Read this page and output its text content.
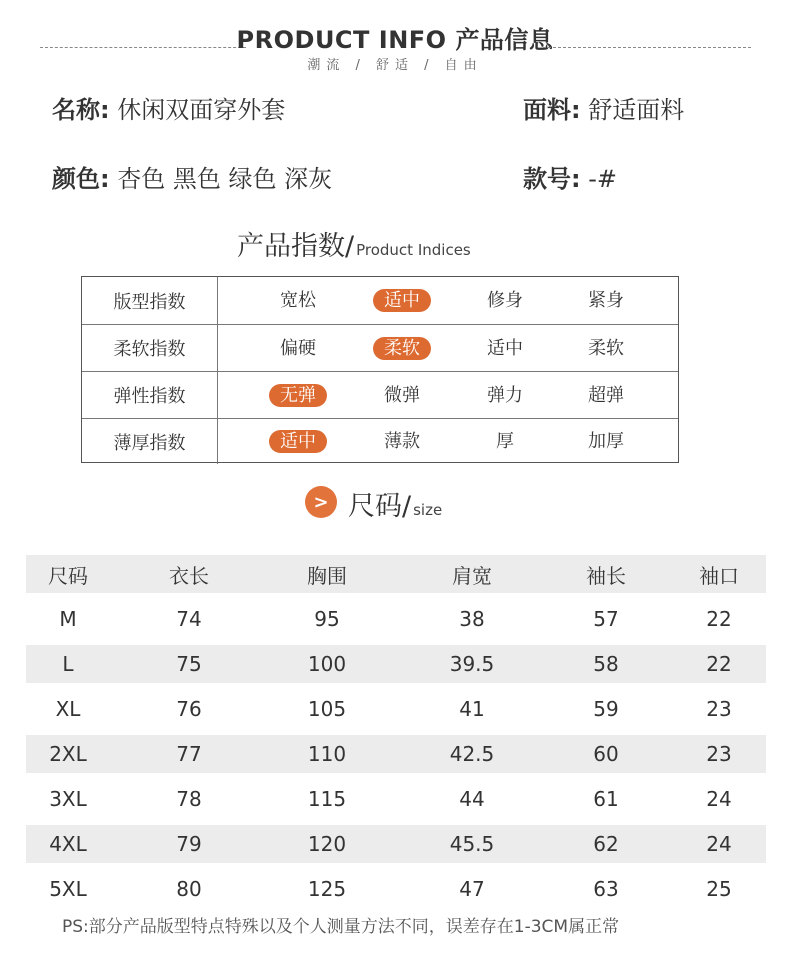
PRODUCT INFO 产品信息
潮流 / 舒适 / 自由
名称: 休闲双面穿外套	面料: 舒适面料
颜色: 杏色 黑色 绿色 深灰	款号: -#
产品指数/ Product Indices
版型指数	宽松	适中	修身	紧身
柔软指数	偏硬	柔软	适中	柔软
弹性指数	无弹	微弹	弹力	超弹
薄厚指数	适中	薄款	厚	加厚
> 尺码/ size
尺码	衣长	胸围	肩宽	袖长	袖口
M	74	95	38	57	22
L	75	100	39.5	58	22
XL	76	105	41	59	23
2XL	77	110	42.5	60	23
3XL	78	115	44	61	24
4XL	79	120	45.5	62	24
5XL	80	125	47	63	25
PS:部分产品版型特点特殊以及个人测量方法不同，误差存在1-3CM属正常
